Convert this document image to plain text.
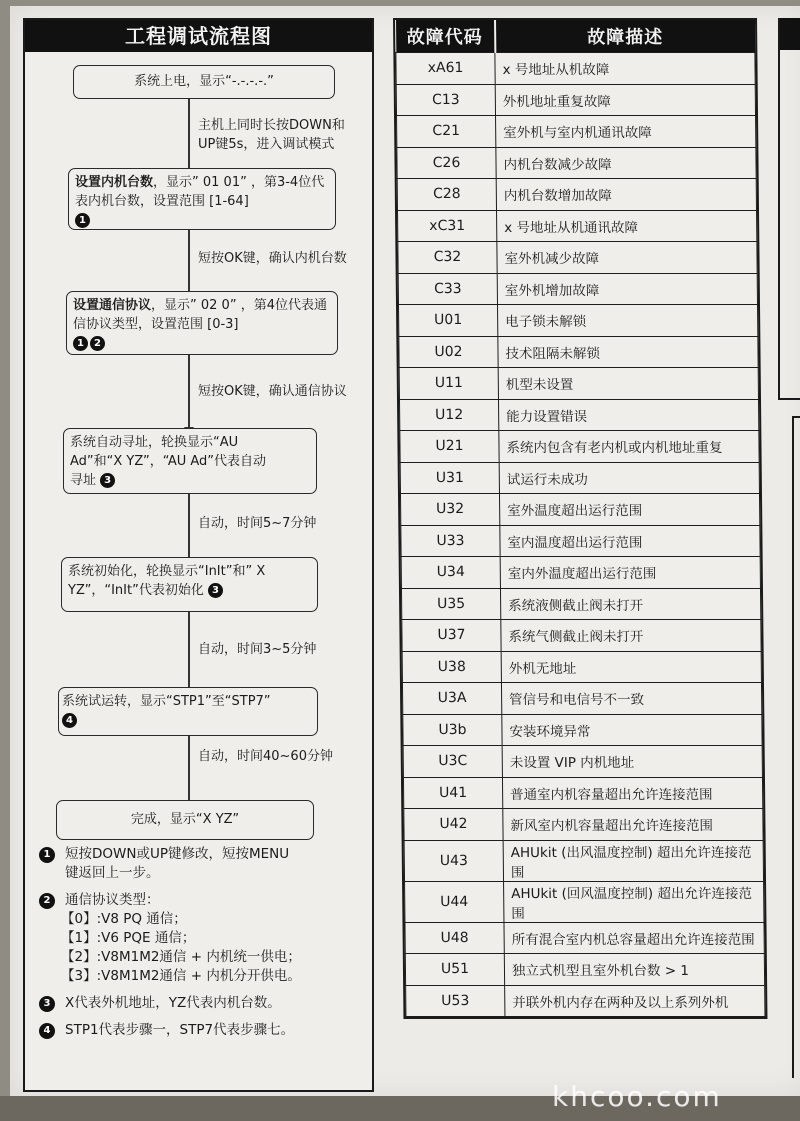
工程调试流程图
系统上电，显示“-.-.-.-.”
主机上同时长按DOWN和
UP键5s，进入调试模式
设置内机台数，显示” 01 01” ，第3-4位代表内机台数，设置范围 [1-64]
1
短按OK键，确认内机台数
设置通信协议，显示” 02 0” ，第4位代表通信协议类型，设置范围 [0-3]
1 2
短按OK键，确认通信协议
系统自动寻址，轮换显示“AU Ad”和“X YZ”，“AU Ad”代表自动寻址 3
自动，时间5~7分钟
系统初始化，轮换显示“InIt”和” X YZ”，“InIt”代表初始化 3
自动，时间3~5分钟
系统试运转，显示“STP1”至“STP7”
4
自动，时间40~60分钟
完成，显示“X YZ”
1	短按DOWN或UP键修改，短按MENU
键返回上一步。
2	通信协议类型：
【0】:V8 PQ 通信；
【1】:V6 PQE 通信；
【2】:V8M1M2通信 + 内机统一供电；
【3】:V8M1M2通信 + 内机分开供电。
3	X代表外机地址，YZ代表内机台数。
4	STP1代表步骤一，STP7代表步骤七。
故障代码	故障描述
xA61	x 号地址从机故障
C13	外机地址重复故障
C21	室外机与室内机通讯故障
C26	内机台数减少故障
C28	内机台数增加故障
xC31	x 号地址从机通讯故障
C32	室外机减少故障
C33	室外机增加故障
U01	电子锁未解锁
U02	技术阻隔未解锁
U11	机型未设置
U12	能力设置错误
U21	系统内包含有老内机或内机地址重复
U31	试运行未成功
U32	室外温度超出运行范围
U33	室内温度超出运行范围
U34	室内外温度超出运行范围
U35	系统液侧截止阀未打开
U37	系统气侧截止阀未打开
U38	外机无地址
U3A	管信号和电信号不一致
U3b	安装环境异常
U3C	未设置 VIP 内机地址
U41	普通室内机容量超出允许连接范围
U42	新风室内机容量超出允许连接范围
U43	AHUkit (出风温度控制) 超出允许连接范围
U44	AHUkit (回风温度控制) 超出允许连接范围
U48	所有混合室内机总容量超出允许连接范围
U51	独立式机型且室外机台数 > 1
U53	并联外机内存在两种及以上系列外机
khcoo.com
